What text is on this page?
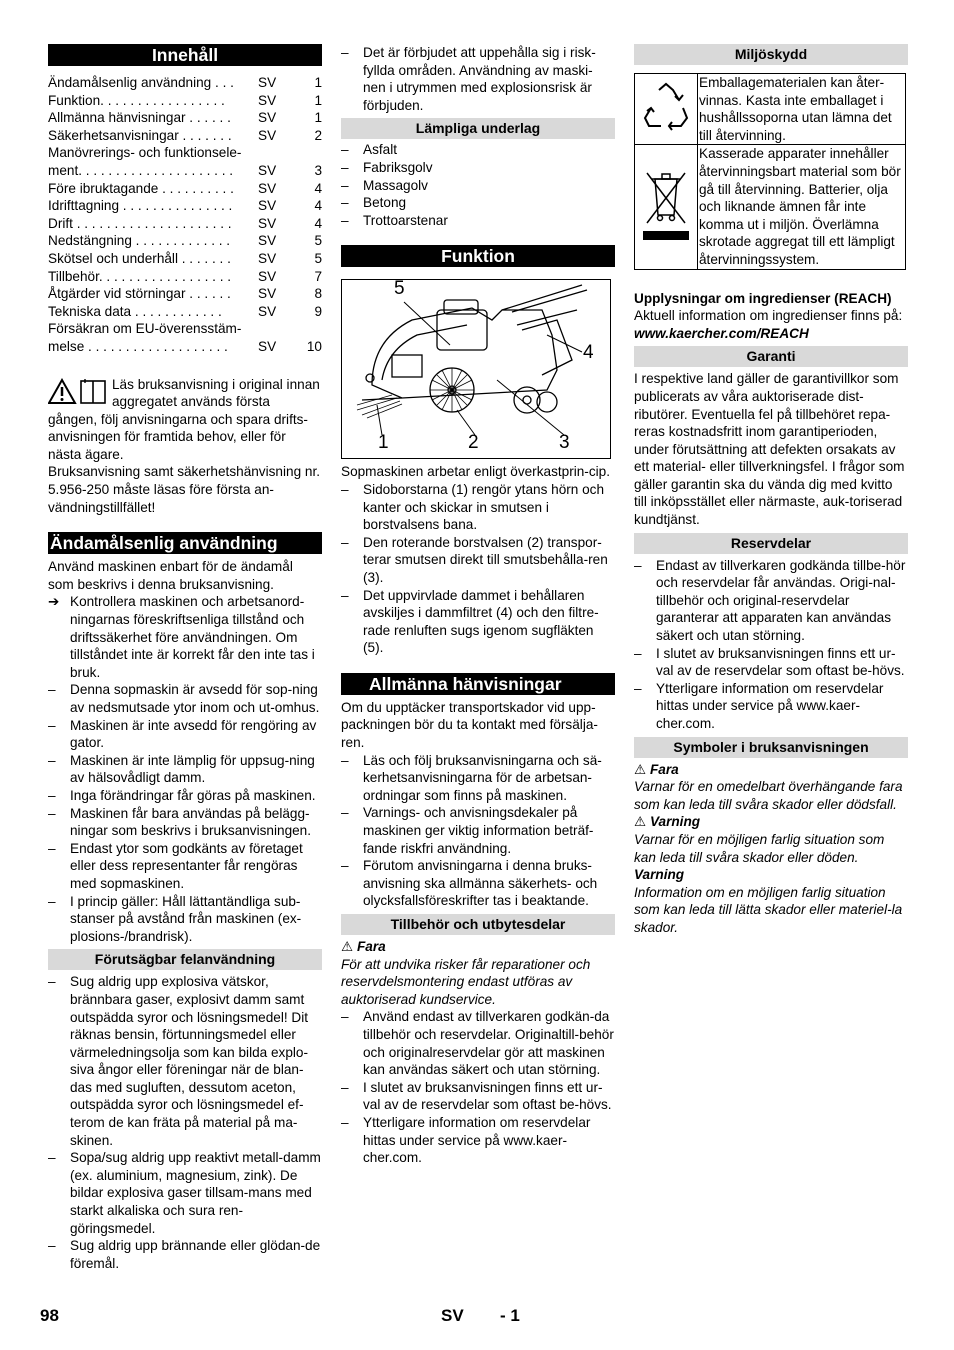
Innehåll
Ändamålsenlig användning . . .	SV	1
Funktion. . . . . . . . . . . . . . . . .	SV	1
Allmänna hänvisningar . . . . . .	SV	1
Säkerhetsanvisningar . . . . . . .	SV	2
Manövrerings- och funktionsele-
ment. . . . . . . . . . . . . . . . . . . . .	SV	3
Före ibruktagande . . . . . . . . . .	SV	4
Idrifttagning . . . . . . . . . . . . . . .	SV	4
Drift . . . . . . . . . . . . . . . . . . . . .	SV	4
Nedstängning . . . . . . . . . . . . .	SV	5
Skötsel och underhåll . . . . . . .	SV	5
Tillbehör. . . . . . . . . . . . . . . . . .	SV	7
Åtgärder vid störningar . . . . . .	SV	8
Tekniska data . . . . . . . . . . . .	SV	9
Försäkran om EU-överensstäm-
melse . . . . . . . . . . . . . . . . . . .	SV	10

Läs bruksanvisning i original innan aggregatet används första gången, följ anvisningarna och spara drifts-anvisningen för framtida behov, eller för nästa ägare.

Bruksanvisning samt säkerhetshänvisning nr. 5.956-250 måste läsas före första an-vändningstillfället!

Ändamålsenlig användning

Använd maskinen enbart för de ändamål som beskrivs i denna bruksanvisning.

➔ Kontrollera maskinen och arbetsanord-ningarnas föreskriftsenliga tillstånd och driftssäkerhet före användningen. Om tillståndet inte är korrekt får den inte tas i bruk.
– Denna sopmaskin är avsedd för sop-ning av nedsmutsade ytor inom och ut-omhus.
– Maskinen är inte avsedd för rengöring av gator.
– Maskinen är inte lämplig för uppsug-ning av hälsovådligt damm.
– Inga förändringar får göras på maskinen.
– Maskinen får bara användas på belägg-ningar som beskrivs i bruksanvisningen.
– Endast ytor som godkänts av företaget eller dess representanter får rengöras med sopmaskinen.
– I princip gäller: Håll lättantändliga sub-stanser på avstånd från maskinen (ex-plosions-/brandrisk).
Förutsägbar felanvändning
– Sug aldrig upp explosiva vätskor, brännbara gaser, explosivt damm samt outspädda syror och lösningsmedel! Dit räknas bensin, förtunningsmedel eller värmeledningsolja som kan bilda explo-siva ångor eller föreningar när de blan-das med sugluften, dessutom aceton, outspädda syror och lösningsmedel ef-terom de kan fräta på material på ma-skinen.
– Sopa/sug aldrig upp reaktivt metall-damm (ex. aluminium, magnesium, zink). De bildar explosiva gaser tillsam-mans med starkt alkaliska och sura ren-göringsmedel.
– Sug aldrig upp brännande eller glödan-de föremål.
– Det är förbjudet att uppehålla sig i risk-fyllda områden. Användning av maski-nen i utrymmen med explosionsrisk är förbjuden.
Lämpliga underlag
– Asfalt
– Fabriksgolv
– Massagolv
– Betong
– Trottoarstenar
Funktion
5
4
1	2	3

Sopmaskinen arbetar enligt överkastprin-cip.

– Sidoborstarna (1) rengör ytans hörn och kanter och skickar in smutsen i borstvalsens bana.
– Den roterande borstvalsen (2) transpor-terar smutsen direkt till smutsbehålla-ren (3).
– Det uppvirvlade dammet i behållaren avskiljes i dammfiltret (4) och den filtre-rade renluften sugs igenom sugfläkten (5).
Allmänna hänvisningar

Om du upptäcker transportskador vid upp-packningen bör du ta kontakt med försälja-ren.

– Läs och följ bruksanvisningarna och sä-kerhetsanvisningarna för de arbetsan-ordningar som finns på maskinen.
– Varnings- och anvisningsdekaler på maskinen ger viktig information beträf-fande riskfri användning.
– Förutom anvisningarna i denna bruks-anvisning ska allmänna säkerhets- och olycksfallsföreskrifter tas i beaktande.
Tillbehör och utbytesdelar
⚠ Fara

För att undvika risker får reparationer och reservdelsmontering endast utföras av auktoriserad kundservice.

– Använd endast av tillverkaren godkän-da tillbehör och reservdelar. Originaltill-behör och originalreservdelar gör att maskinen kan användas säkert och utan störning.
– I slutet av bruksanvisningen finns ett ur-val av de reservdelar som oftast be-hövs.
– Ytterligare information om reservdelar hittas under service på www.kaer-cher.com.
Miljöskydd
	Emballagematerialen kan åter-vinnas. Kasta inte emballaget i hushållssoporna utan lämna det till återvinning.
	Kasserade apparater innehåller återvinningsbart material som bör gå till återvinning. Batterier, olja och liknande ämnen får inte komma ut i miljön. Överlämna skrotade aggregat till ett lämpligt återvinningssystem.

Upplysningar om ingredienser (REACH)

Aktuell information om ingredienser finns på:

www.kaercher.com/REACH

Garanti

I respektive land gäller de garantivillkor som publicerats av våra auktoriserade dist-ributörer. Eventuella fel på tillbehöret repa-reras kostnadsfritt inom garantiperioden, under förutsättning att defekten orsakats av ett material- eller tillverkningsfel. I frågor som gäller garantin ska du vända dig med kvitto till inköpsstället eller närmaste, auk-toriserad kundtjänst.

Reservdelar
– Endast av tillverkaren godkända tillbe-hör och reservdelar får användas. Origi-nal-tillbehör och original-reservdelar garanterar att apparaten kan användas säkert och utan störning.
– I slutet av bruksanvisningen finns ett ur-val av de reservdelar som oftast be-hövs.
– Ytterligare information om reservdelar hittas under service på www.kaer-cher.com.
Symboler i bruksanvisningen
⚠ Fara

Varnar för en omedelbart överhängande fara som kan leda till svåra skador eller dödsfall.

⚠ Varning

Varnar för en möjligen farlig situation som kan leda till svåra skador eller döden.

Varning

Information om en möjligen farlig situation som kan leda till lätta skador eller materiel-la skador.

98	SV - 1
